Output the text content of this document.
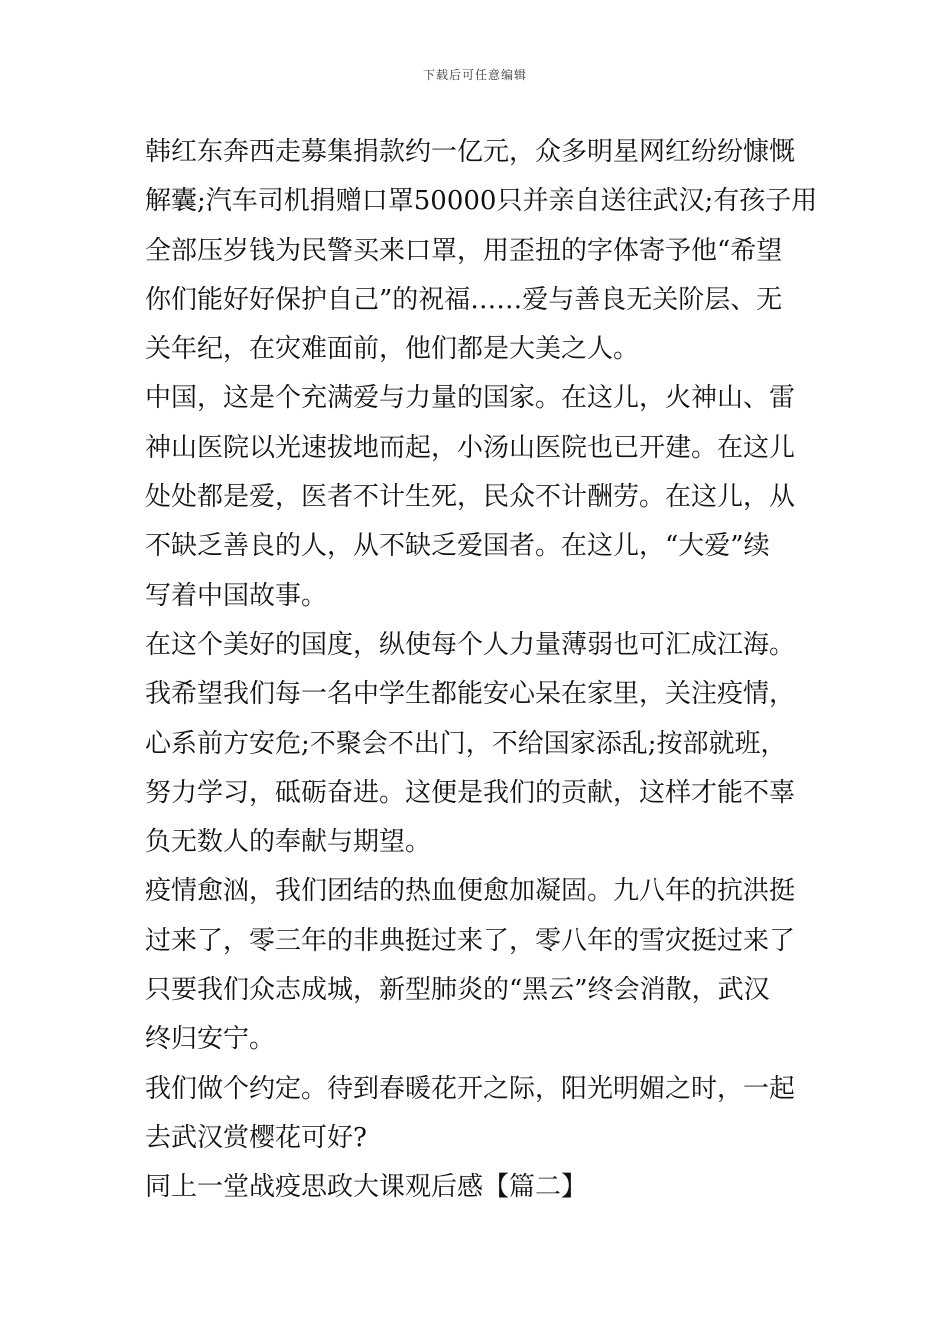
下载后可任意编辑
韩红东奔西走募集捐款约一亿元，众多明星网红纷纷慷慨
解囊;汽车司机捐赠口罩50000只并亲自送往武汉;有孩子用
全部压岁钱为民警买来口罩，用歪扭的字体寄予他“希望
你们能好好保护自己”的祝福……爱与善良无关阶层、无
关年纪，在灾难面前，他们都是大美之人。
中国，这是个充满爱与力量的国家。在这儿，火神山、雷
神山医院以光速拔地而起，小汤山医院也已开建。在这儿
处处都是爱，医者不计生死，民众不计酬劳。在这儿，从
不缺乏善良的人，从不缺乏爱国者。在这儿，“大爱”续
写着中国故事。
在这个美好的国度，纵使每个人力量薄弱也可汇成江海。
我希望我们每一名中学生都能安心呆在家里，关注疫情，
心系前方安危;不聚会不出门，不给国家添乱;按部就班，
努力学习，砥砺奋进。这便是我们的贡献，这样才能不辜
负无数人的奉献与期望。
疫情愈汹，我们团结的热血便愈加凝固。九八年的抗洪挺
过来了，零三年的非典挺过来了，零八年的雪灾挺过来了
只要我们众志成城，新型肺炎的“黑云”终会消散，武汉
终归安宁。
我们做个约定。待到春暖花开之际，阳光明媚之时，一起
去武汉赏樱花可好?
同上一堂战疫思政大课观后感【篇二】
